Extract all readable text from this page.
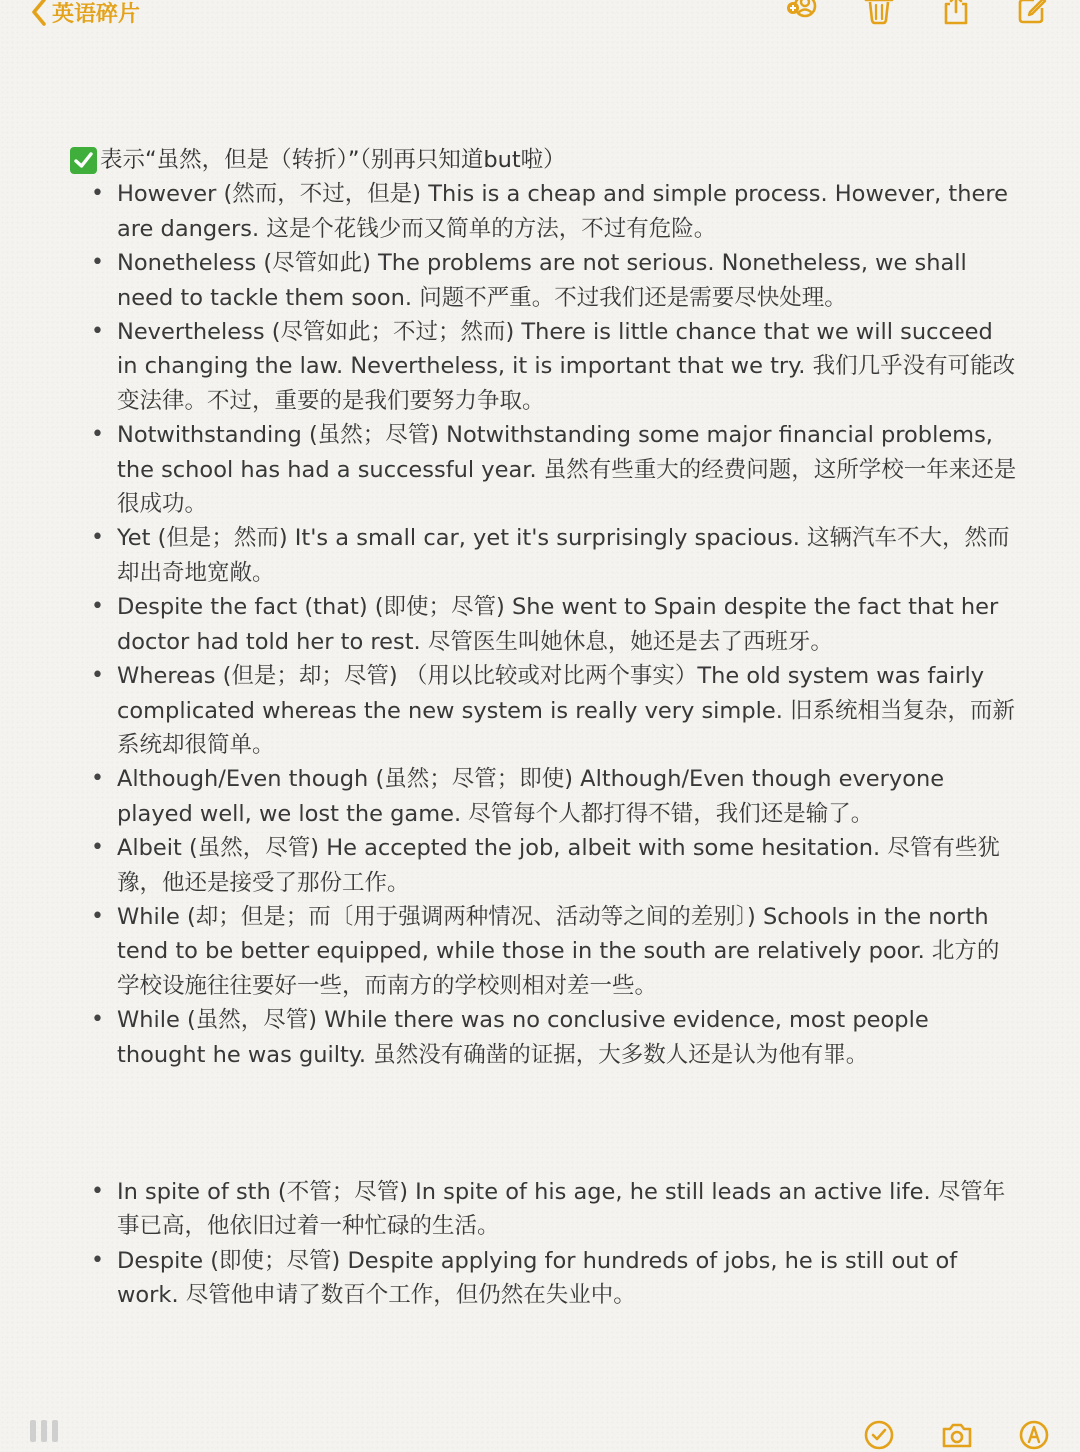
英语碎片
表示“虽然，但是（转折）”（别再只知道but啦）
• However (然而，不过，但是) This is a cheap and simple process. However, there are dangers. 这是个花钱少而又简单的方法，不过有危险。
• Nonetheless (尽管如此) The problems are not serious. Nonetheless, we shall need to tackle them soon. 问题不严重。不过我们还是需要尽快处理。
• Nevertheless (尽管如此；不过；然而) There is little chance that we will succeed in changing the law. Nevertheless, it is important that we try. 我们几乎没有可能改变法律。不过，重要的是我们要努力争取。
• Notwithstanding (虽然；尽管) Notwithstanding some major financial problems, the school has had a successful year. 虽然有些重大的经费问题，这所学校一年来还是很成功。
• Yet (但是；然而) It's a small car, yet it's surprisingly spacious. 这辆汽车不大，然而却出奇地宽敞。
• Despite the fact (that) (即使；尽管) She went to Spain despite the fact that her doctor had told her to rest. 尽管医生叫她休息，她还是去了西班牙。
• Whereas (但是；却；尽管) （用以比较或对比两个事实）The old system was fairly complicated whereas the new system is really very simple. 旧系统相当复杂，而新系统却很简单。
• Although/Even though (虽然；尽管；即使) Although/Even though everyone played well, we lost the game. 尽管每个人都打得不错，我们还是输了。
• Albeit (虽然，尽管) He accepted the job, albeit with some hesitation. 尽管有些犹豫，他还是接受了那份工作。
• While (却；但是；而〔用于强调两种情况、活动等之间的差别〕) Schools in the north tend to be better equipped, while those in the south are relatively poor. 北方的学校设施往往要好一些，而南方的学校则相对差一些。
• While (虽然，尽管) While there was no conclusive evidence, most people thought he was guilty. 虽然没有确凿的证据，大多数人还是认为他有罪。
• In spite of sth (不管；尽管) In spite of his age, he still leads an active life. 尽管年事已高，他依旧过着一种忙碌的生活。
• Despite (即使；尽管) Despite applying for hundreds of jobs, he is still out of work. 尽管他申请了数百个工作，但仍然在失业中。
